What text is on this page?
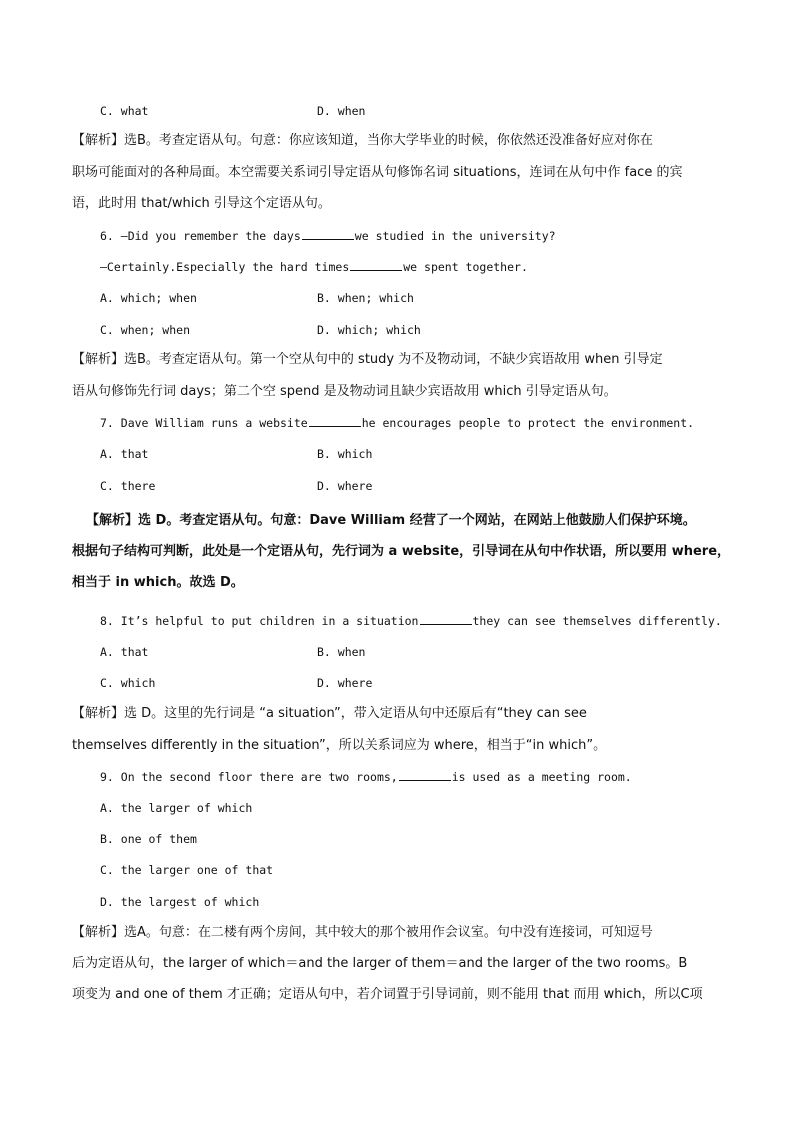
C. what	D. when
【解析】选B。考查定语从句。句意：你应该知道，当你大学毕业的时候，你依然还没准备好应对你在
职场可能面对的各种局面。本空需要关系词引导定语从句修饰名词 situations，连词在从句中作 face 的宾
语，此时用 that/which 引导这个定语从句。
6. —Did you remember the days	we studied in the university?
—Certainly.Especially the hard times	we spent together.
A. which; when	B. when; which
C. when; when	D. which; which
【解析】选B。考查定语从句。第一个空从句中的 study 为不及物动词，不缺少宾语故用 when 引导定
语从句修饰先行词 days；第二个空 spend 是及物动词且缺少宾语故用 which 引导定语从句。
7. Dave William runs a website	he encourages people to protect the environment.
A. that	B. which
C. there	D. where
【解析】选 D。考查定语从句。句意：Dave William 经营了一个网站，在网站上他鼓励人们保护环境。
根据句子结构可判断，此处是一个定语从句，先行词为 a website，引导词在从句中作状语，所以要用 where，
相当于 in which。故选 D。
8. It’s helpful to put children in a situation	they can see themselves differently.
A. that	B. when
C. which	D. where
【解析】选 D。这里的先行词是 “a situation”，带入定语从句中还原后有“they can see
themselves differently in the situation”，所以关系词应为 where，相当于“in which”。
9. On the second floor there are two rooms,	is used as a meeting room.
A. the larger of which
B. one of them
C. the larger one of that
D. the largest of which
【解析】选A。句意：在二楼有两个房间，其中较大的那个被用作会议室。句中没有连接词，可知逗号
后为定语从句，the larger of which＝and the larger of them＝and the larger of the two rooms。B
项变为 and one of them 才正确；定语从句中，若介词置于引导词前，则不能用 that 而用 which，所以C项
